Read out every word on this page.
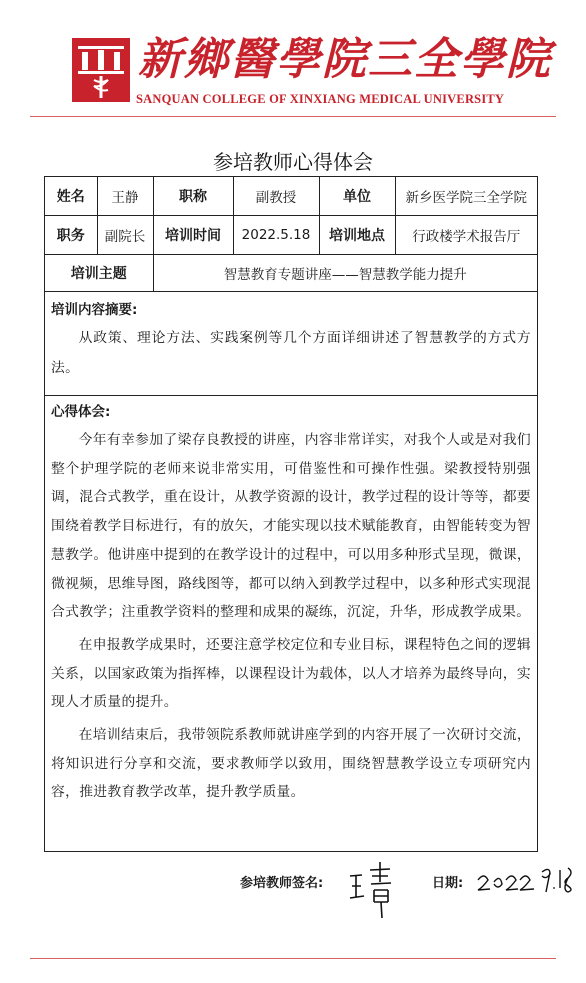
新鄉醫學院三全學院
SANQUAN COLLEGE OF XINXIANG MEDICAL UNIVERSITY
参培教师心得体会
姓名	王静	职称	副教授	单位	新乡医学院三全学院
职务	副院长	培训时间	2022.5.18	培训地点	行政楼学术报告厅
培训主题		智慧教育专题讲座——智慧教学能力提升			
培训内容摘要:

从政策、理论方法、实践案例等几个方面详细讲述了智慧教学的方式方法。

心得体会:

今年有幸参加了梁存良教授的讲座，内容非常详实，对我个人或是对我们整个护理学院的老师来说非常实用，可借鉴性和可操作性强。梁教授特别强调，混合式教学，重在设计，从教学资源的设计，教学过程的设计等等，都要围绕着教学目标进行，有的放矢，才能实现以技术赋能教育，由智能转变为智慧教学。他讲座中提到的在教学设计的过程中，可以用多种形式呈现，微课，微视频，思维导图，路线图等，都可以纳入到教学过程中，以多种形式实现混合式教学；注重教学资料的整理和成果的凝练，沉淀，升华，形成教学成果。

在申报教学成果时，还要注意学校定位和专业目标，课程特色之间的逻辑关系，以国家政策为指挥棒，以课程设计为载体，以人才培养为最终导向，实现人才质量的提升。

在培训结束后，我带领院系教师就讲座学到的内容开展了一次研讨交流，将知识进行分享和交流，要求教师学以致用，围绕智慧教学设立专项研究内容，推进教育教学改革，提升教学质量。

参培教师签名:	日期:
